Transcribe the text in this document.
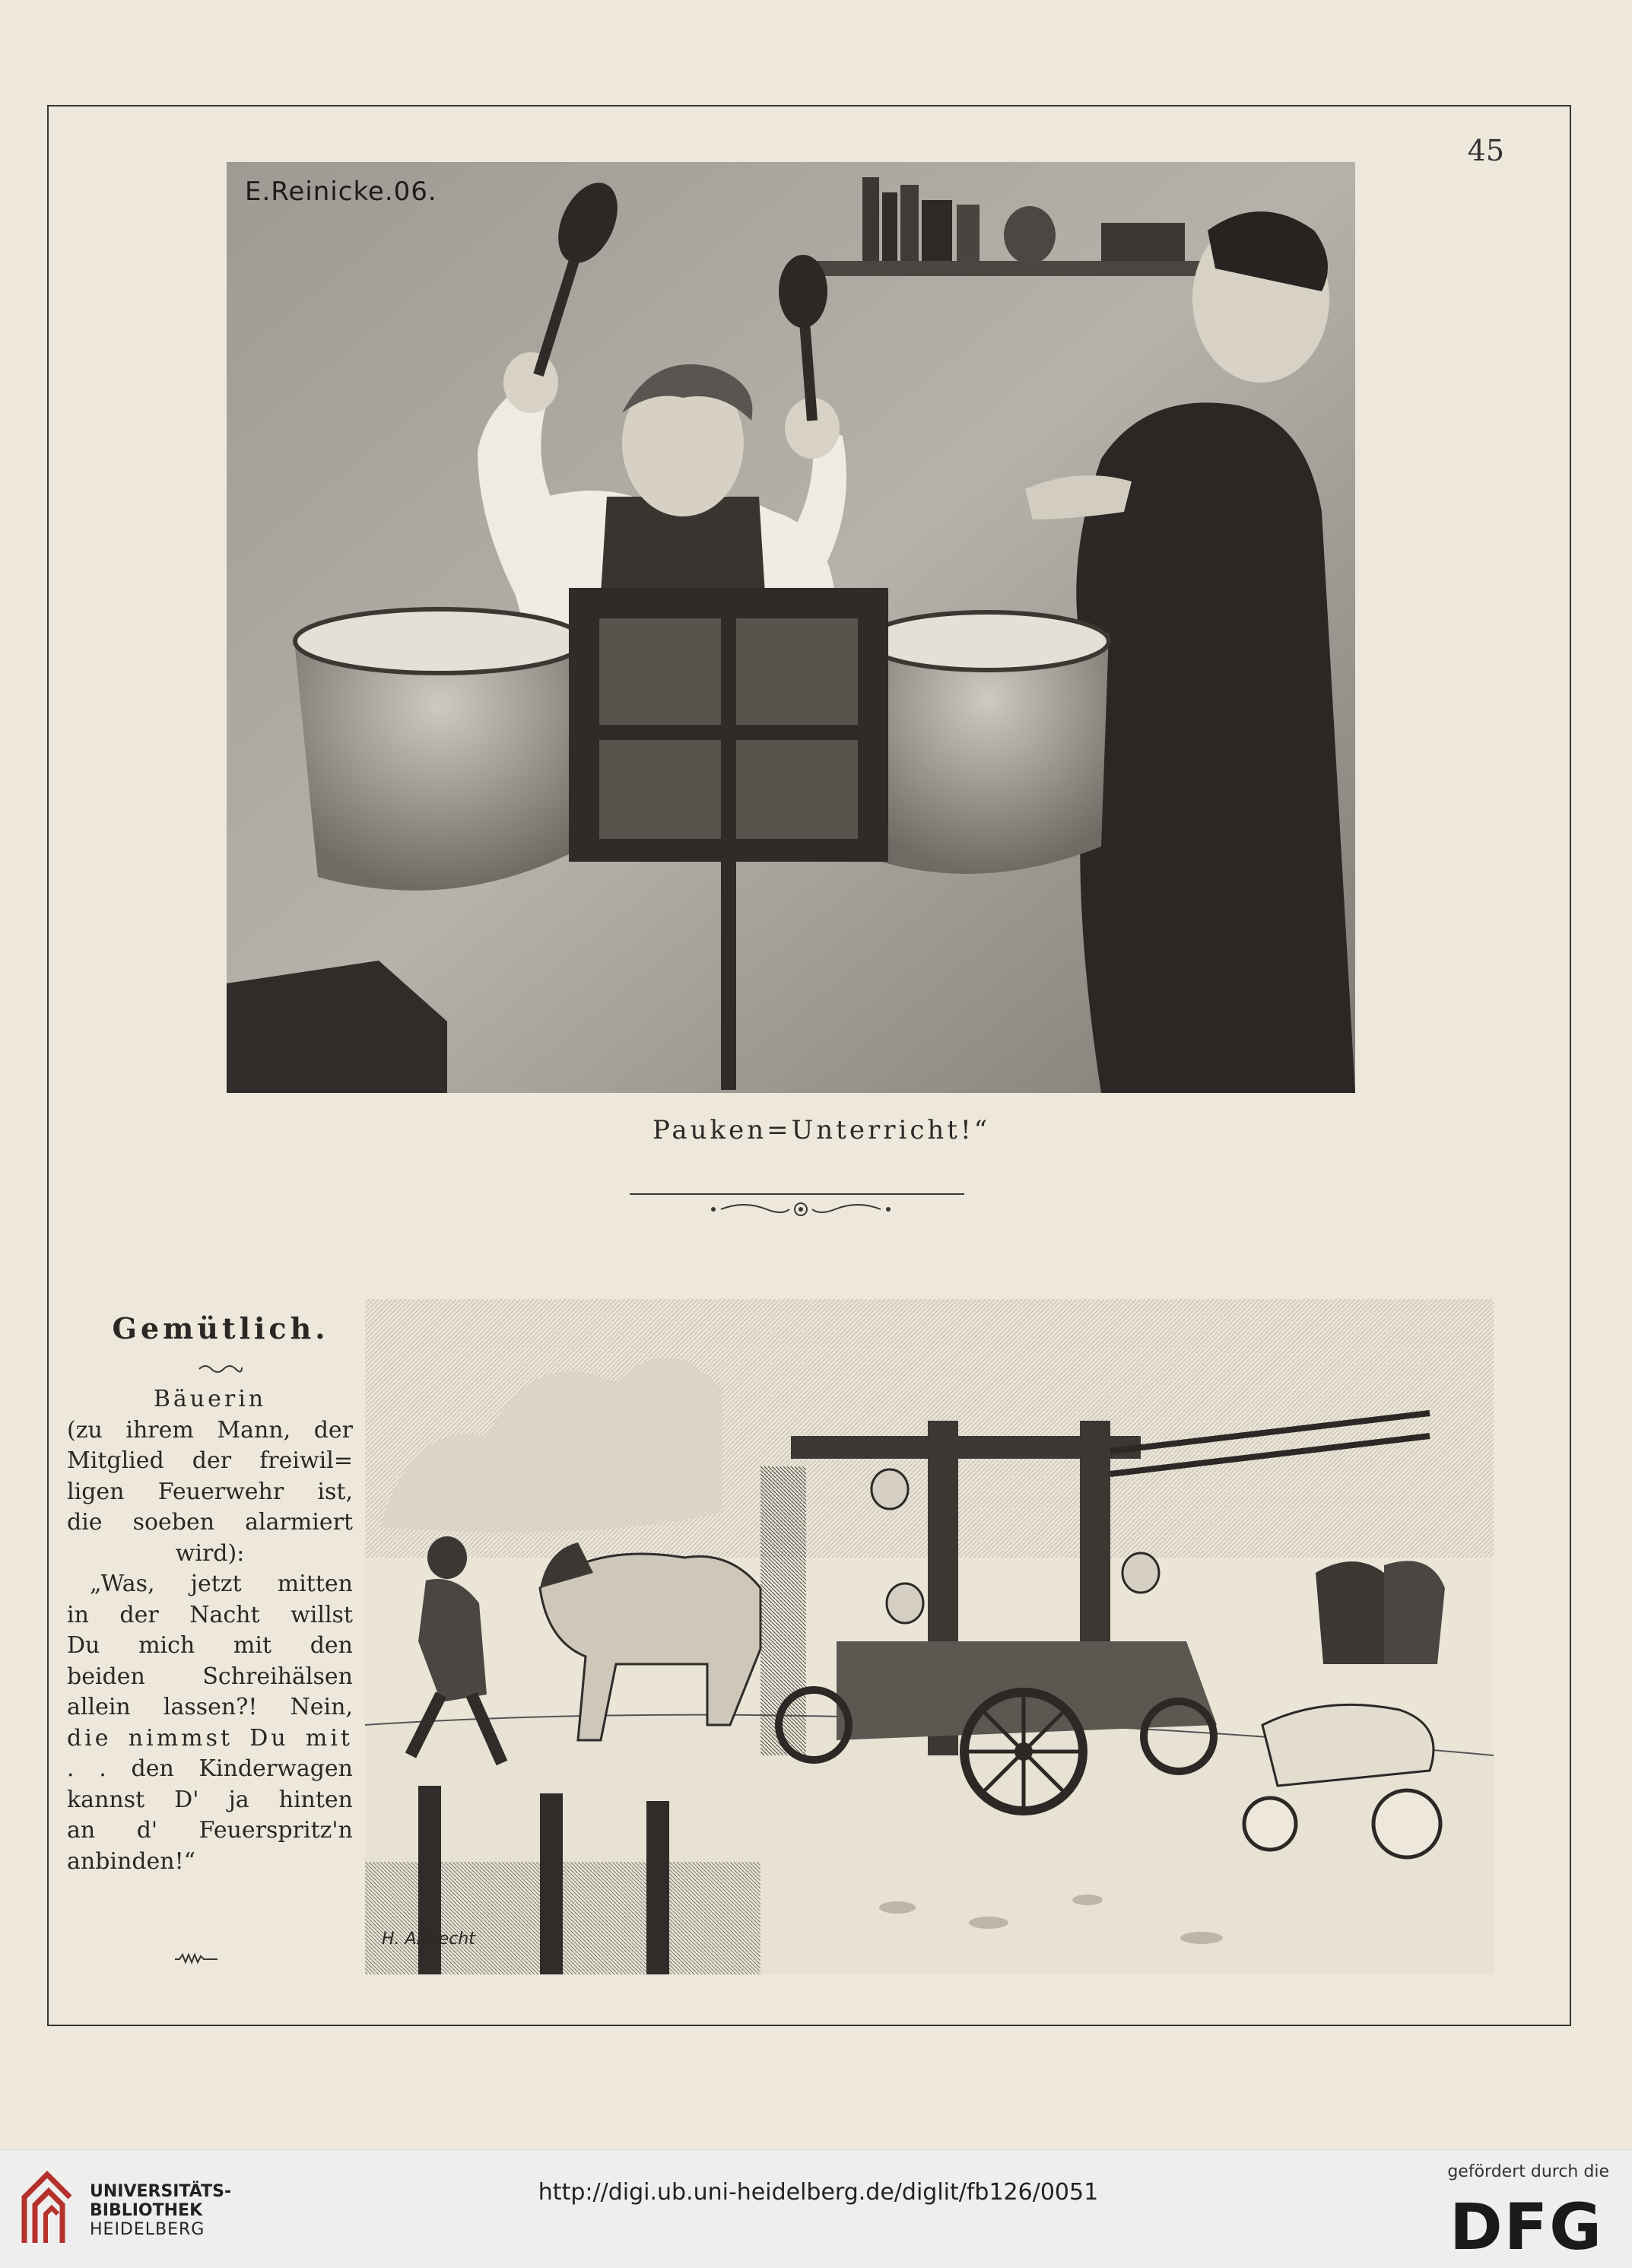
45
E.Reinicke.06.
Pauken=Unterricht!“
Gemütlich.
Bäuerin
(zu ihrem Mann, der
Mitglied der freiwil=
ligen Feuerwehr ist,
die soeben alarmiert
wird):
„Was, jetzt mitten
in der Nacht willst
Du mich mit den
beiden Schreihälsen
allein lassen?! Nein,
die nimmst Du mit
. . den Kinderwagen
kannst D' ja hinten
an d' Feuerspritz'n
anbinden!“
H. Albrecht
UNIVERSITÄTS-
BIBLIOTHEK
HEIDELBERG
http://digi.ub.uni-heidelberg.de/diglit/fb126/0051
gefördert durch die
DFG
